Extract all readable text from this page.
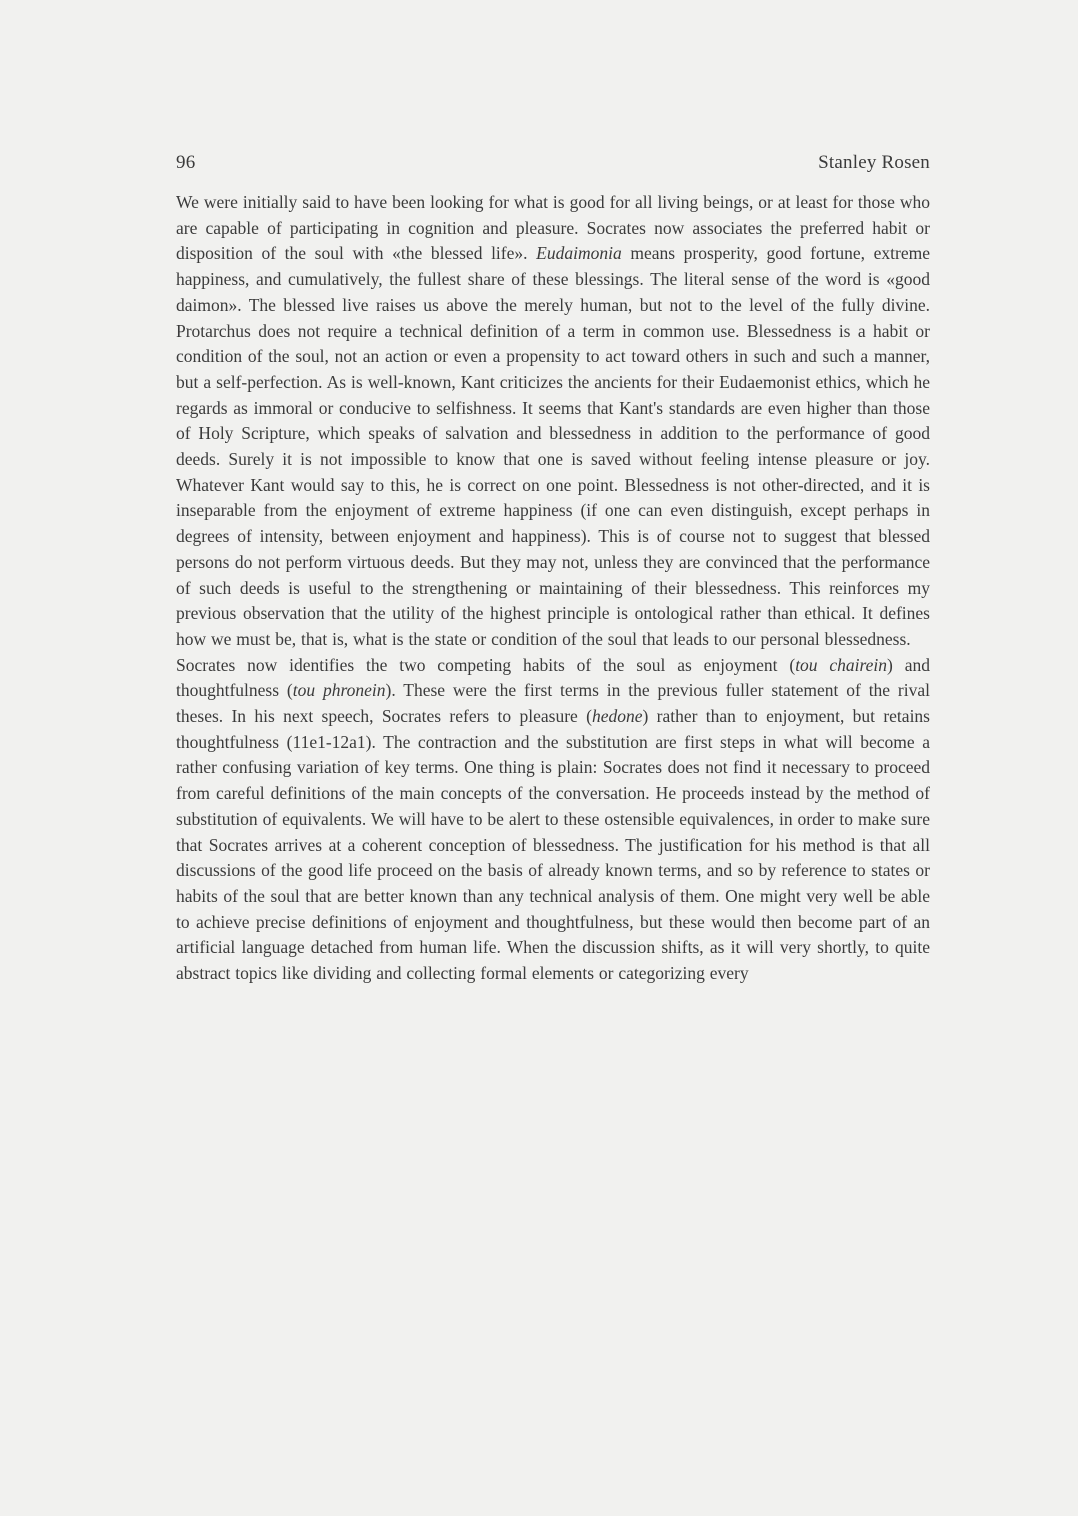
96	Stanley Rosen

We were initially said to have been looking for what is good for all living beings, or at least for those who are capable of participating in cognition and pleasure. Socrates now associates the preferred habit or disposition of the soul with «the blessed life». Eudaimonia means prosperity, good fortune, extreme happiness, and cumulatively, the fullest share of these blessings. The literal sense of the word is «good daimon». The blessed live raises us above the merely human, but not to the level of the fully divine. Protarchus does not require a technical definition of a term in common use. Blessedness is a habit or condition of the soul, not an action or even a propensity to act toward others in such and such a manner, but a self-perfection. As is well-known, Kant criticizes the ancients for their Eudaemonist ethics, which he regards as immoral or conducive to selfishness. It seems that Kant's standards are even higher than those of Holy Scripture, which speaks of salvation and blessedness in addition to the performance of good deeds. Surely it is not impossible to know that one is saved without feeling intense pleasure or joy. Whatever Kant would say to this, he is correct on one point. Blessedness is not other-directed, and it is inseparable from the enjoyment of extreme happiness (if one can even distinguish, except perhaps in degrees of intensity, between enjoyment and happiness). This is of course not to suggest that blessed persons do not perform virtuous deeds. But they may not, unless they are convinced that the performance of such deeds is useful to the strengthening or maintaining of their blessedness. This reinforces my previous observation that the utility of the highest principle is ontological rather than ethical. It defines how we must be, that is, what is the state or condition of the soul that leads to our personal blessedness.

Socrates now identifies the two competing habits of the soul as enjoyment (tou chairein) and thoughtfulness (tou phronein). These were the first terms in the previous fuller statement of the rival theses. In his next speech, Socrates refers to pleasure (hedone) rather than to enjoyment, but retains thoughtfulness (11e1-12a1). The contraction and the substitution are first steps in what will become a rather confusing variation of key terms. One thing is plain: Socrates does not find it necessary to proceed from careful definitions of the main concepts of the conversation. He proceeds instead by the method of substitution of equivalents. We will have to be alert to these ostensible equivalences, in order to make sure that Socrates arrives at a coherent conception of blessedness. The justification for his method is that all discussions of the good life proceed on the basis of already known terms, and so by reference to states or habits of the soul that are better known than any technical analysis of them. One might very well be able to achieve precise definitions of enjoyment and thoughtfulness, but these would then become part of an artificial language detached from human life. When the discussion shifts, as it will very shortly, to quite abstract topics like dividing and collecting formal elements or categorizing every
